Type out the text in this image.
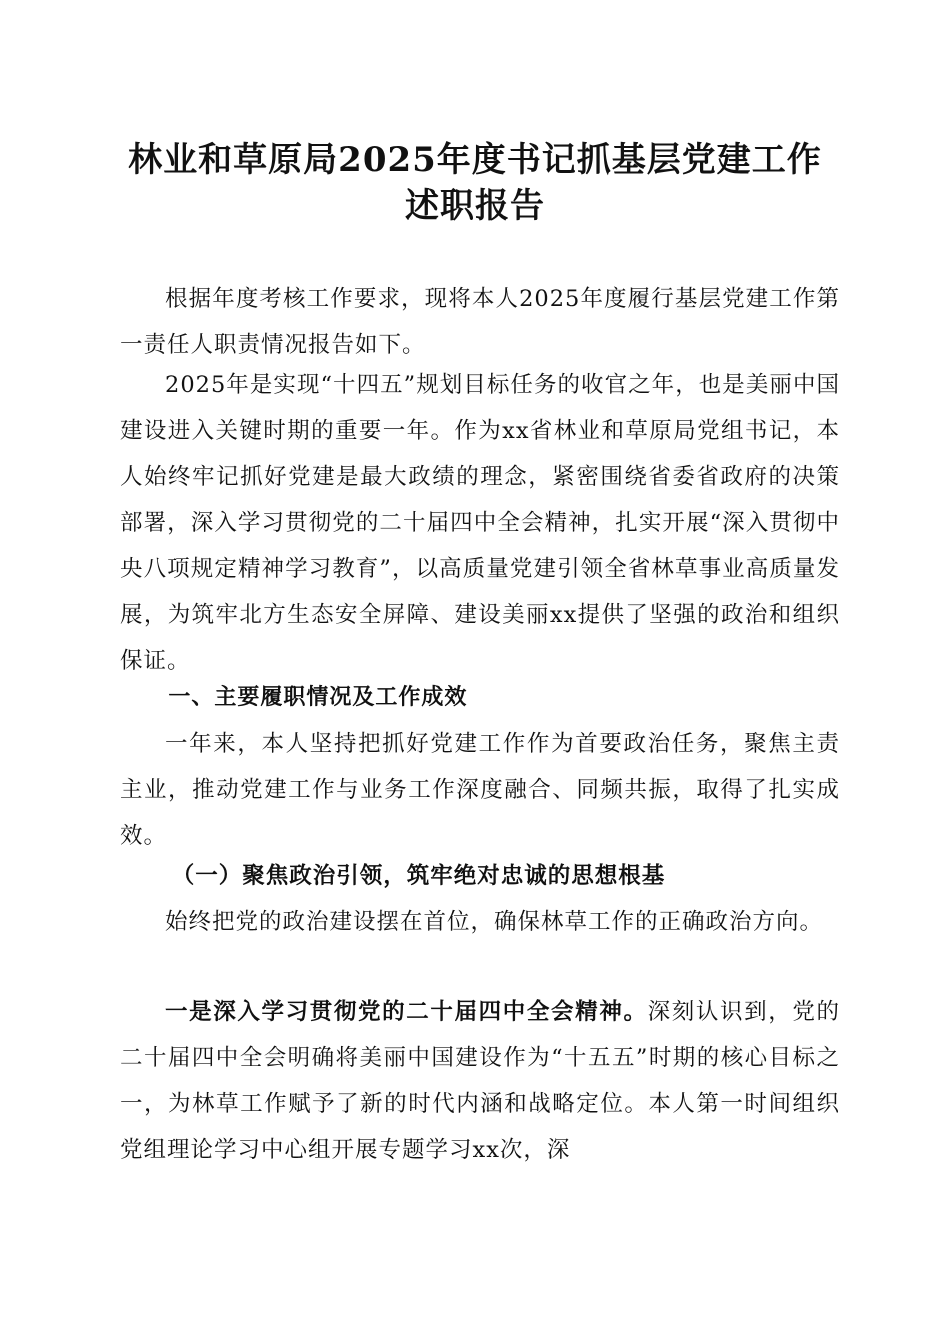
林业和草原局2025年度书记抓基层党建工作
述职报告

根据年度考核工作要求，现将本人2025年度履行基层党建工作第一责任人职责情况报告如下。

2025年是实现“十四五”规划目标任务的收官之年，也是美丽中国建设进入关键时期的重要一年。作为xx省林业和草原局党组书记，本人始终牢记抓好党建是最大政绩的理念，紧密围绕省委省政府的决策部署，深入学习贯彻党的二十届四中全会精神，扎实开展“深入贯彻中央八项规定精神学习教育”，以高质量党建引领全省林草事业高质量发展，为筑牢北方生态安全屏障、建设美丽xx提供了坚强的政治和组织保证。

一、主要履职情况及工作成效

一年来，本人坚持把抓好党建工作作为首要政治任务，聚焦主责主业，推动党建工作与业务工作深度融合、同频共振，取得了扎实成效。

（一）聚焦政治引领，筑牢绝对忠诚的思想根基

始终把党的政治建设摆在首位，确保林草工作的正确政治方向。

一是深入学习贯彻党的二十届四中全会精神。深刻认识到，党的二十届四中全会明确将美丽中国建设作为“十五五”时期的核心目标之一，为林草工作赋予了新的时代内涵和战略定位。本人第一时间组织党组理论学习中心组开展专题学习xx次，深
